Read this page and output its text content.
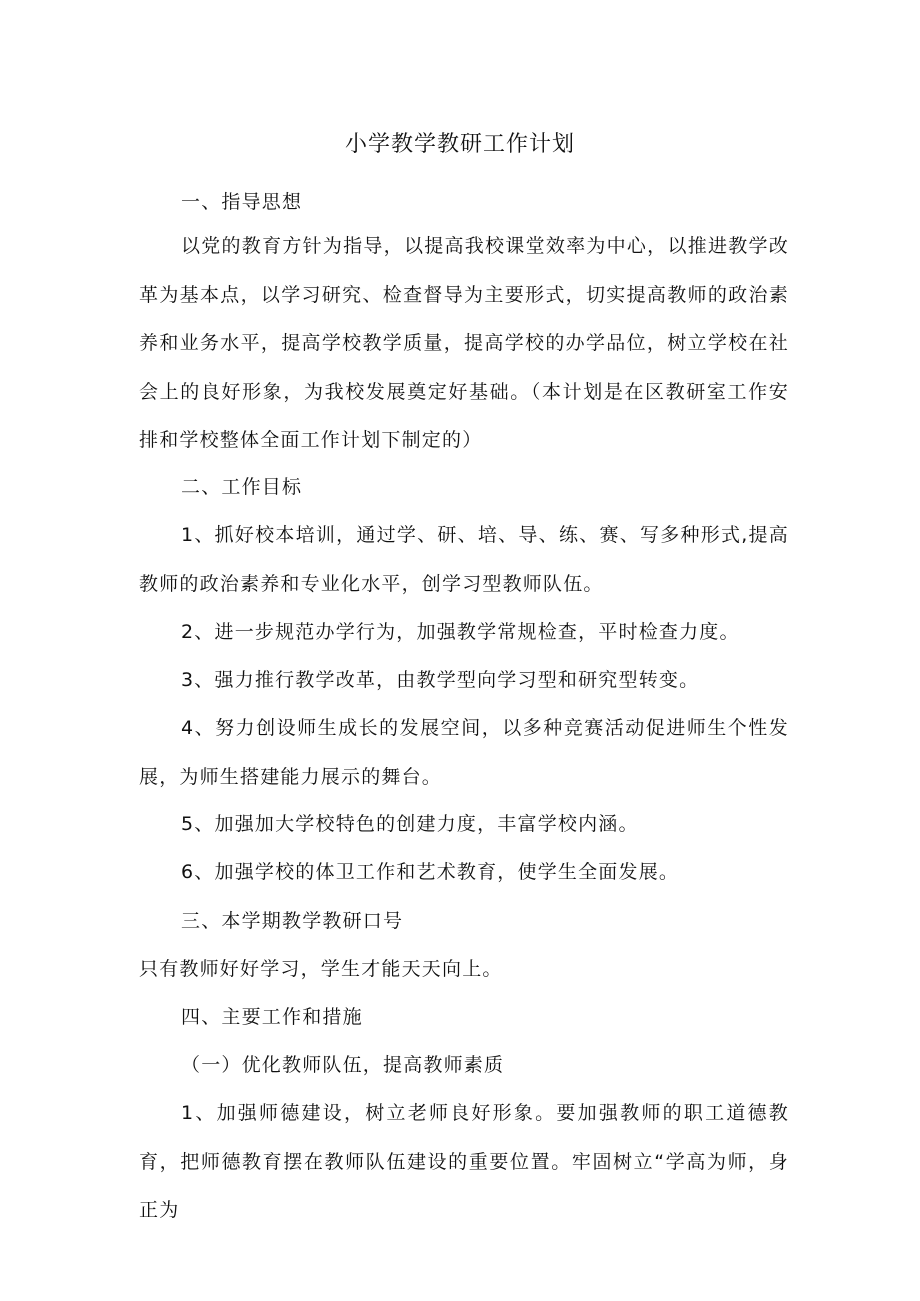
小学教学教研工作计划
一、指导思想
以党的教育方针为指导，以提高我校课堂效率为中心，以推进教学改革为基本点，以学习研究、检查督导为主要形式，切实提高教师的政治素养和业务水平，提高学校教学质量，提高学校的办学品位，树立学校在社会上的良好形象，为我校发展奠定好基础。（本计划是在区教研室工作安排和学校整体全面工作计划下制定的）
二、工作目标
1、抓好校本培训，通过学、研、培、导、练、赛、写多种形式,提高教师的政治素养和专业化水平，创学习型教师队伍。
2、进一步规范办学行为，加强教学常规检查，平时检查力度。
3、强力推行教学改革，由教学型向学习型和研究型转变。
4、努力创设师生成长的发展空间，以多种竞赛活动促进师生个性发展，为师生搭建能力展示的舞台。
5、加强加大学校特色的创建力度，丰富学校内涵。
6、加强学校的体卫工作和艺术教育，使学生全面发展。
三、本学期教学教研口号
只有教师好好学习，学生才能天天向上。
四、主要工作和措施
（一）优化教师队伍，提高教师素质
1、加强师德建设，树立老师良好形象。要加强教师的职工道德教育，把师德教育摆在教师队伍建设的重要位置。牢固树立“学高为师，身正为
